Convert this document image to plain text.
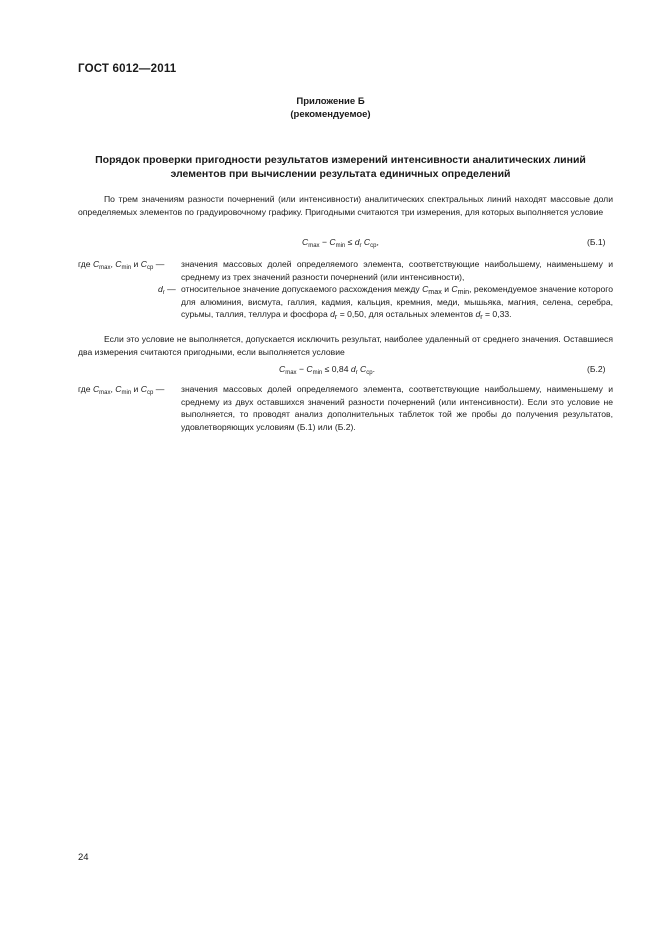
ГОСТ 6012—2011
Приложение Б
(рекомендуемое)
Порядок проверки пригодности результатов измерений интенсивности аналитических линий
элементов при вычислении результата единичных определений
По трем значениям разности почернений (или интенсивности) аналитических спектральных линий находят массовые доли определяемых элементов по градуировочному графику. Пригодными считаются три измерения, для которых выполняется условие
$C_{max} - C_{min} \le d_r$ $C_{ср}$,	(Б.1)
где $C_{max}$, $C_{min}$ и $C_{ср}$ — значения массовых долей определяемого элемента, соответствующие наибольшему, наименьшему и среднему из трех значений разности почернений (или интенсивности),
$d_r$ — относительное значение допускаемого расхождения между $C_{max}$ и $C_{min}$, рекомендуемое значение которого для алюминия, висмута, галлия, кадмия, кальция, кремния, меди, мышьяка, магния, селена, серебра, сурьмы, таллия, теллура и фосфора $d_r = 0,50$, для остальных элементов $d_r = 0,33$.
Если это условие не выполняется, допускается исключить результат, наиболее удаленный от среднего значения. Оставшиеся два измерения считаются пригодными, если выполняется условие
$C_{max} - C_{min} \le 0,84$ $d_r$ $C_{ср}$.	(Б.2)
где $C_{max}$, $C_{min}$ и $C_{ср}$ — значения массовых долей определяемого элемента, соответствующие наибольшему, наименьшему и среднему из двух оставшихся значений разности почернений (или интенсивности). Если это условие не выполняется, то проводят анализ дополнительных таблеток той же пробы до получения результатов, удовлетворяющих условиям (Б.1) или (Б.2).
24
